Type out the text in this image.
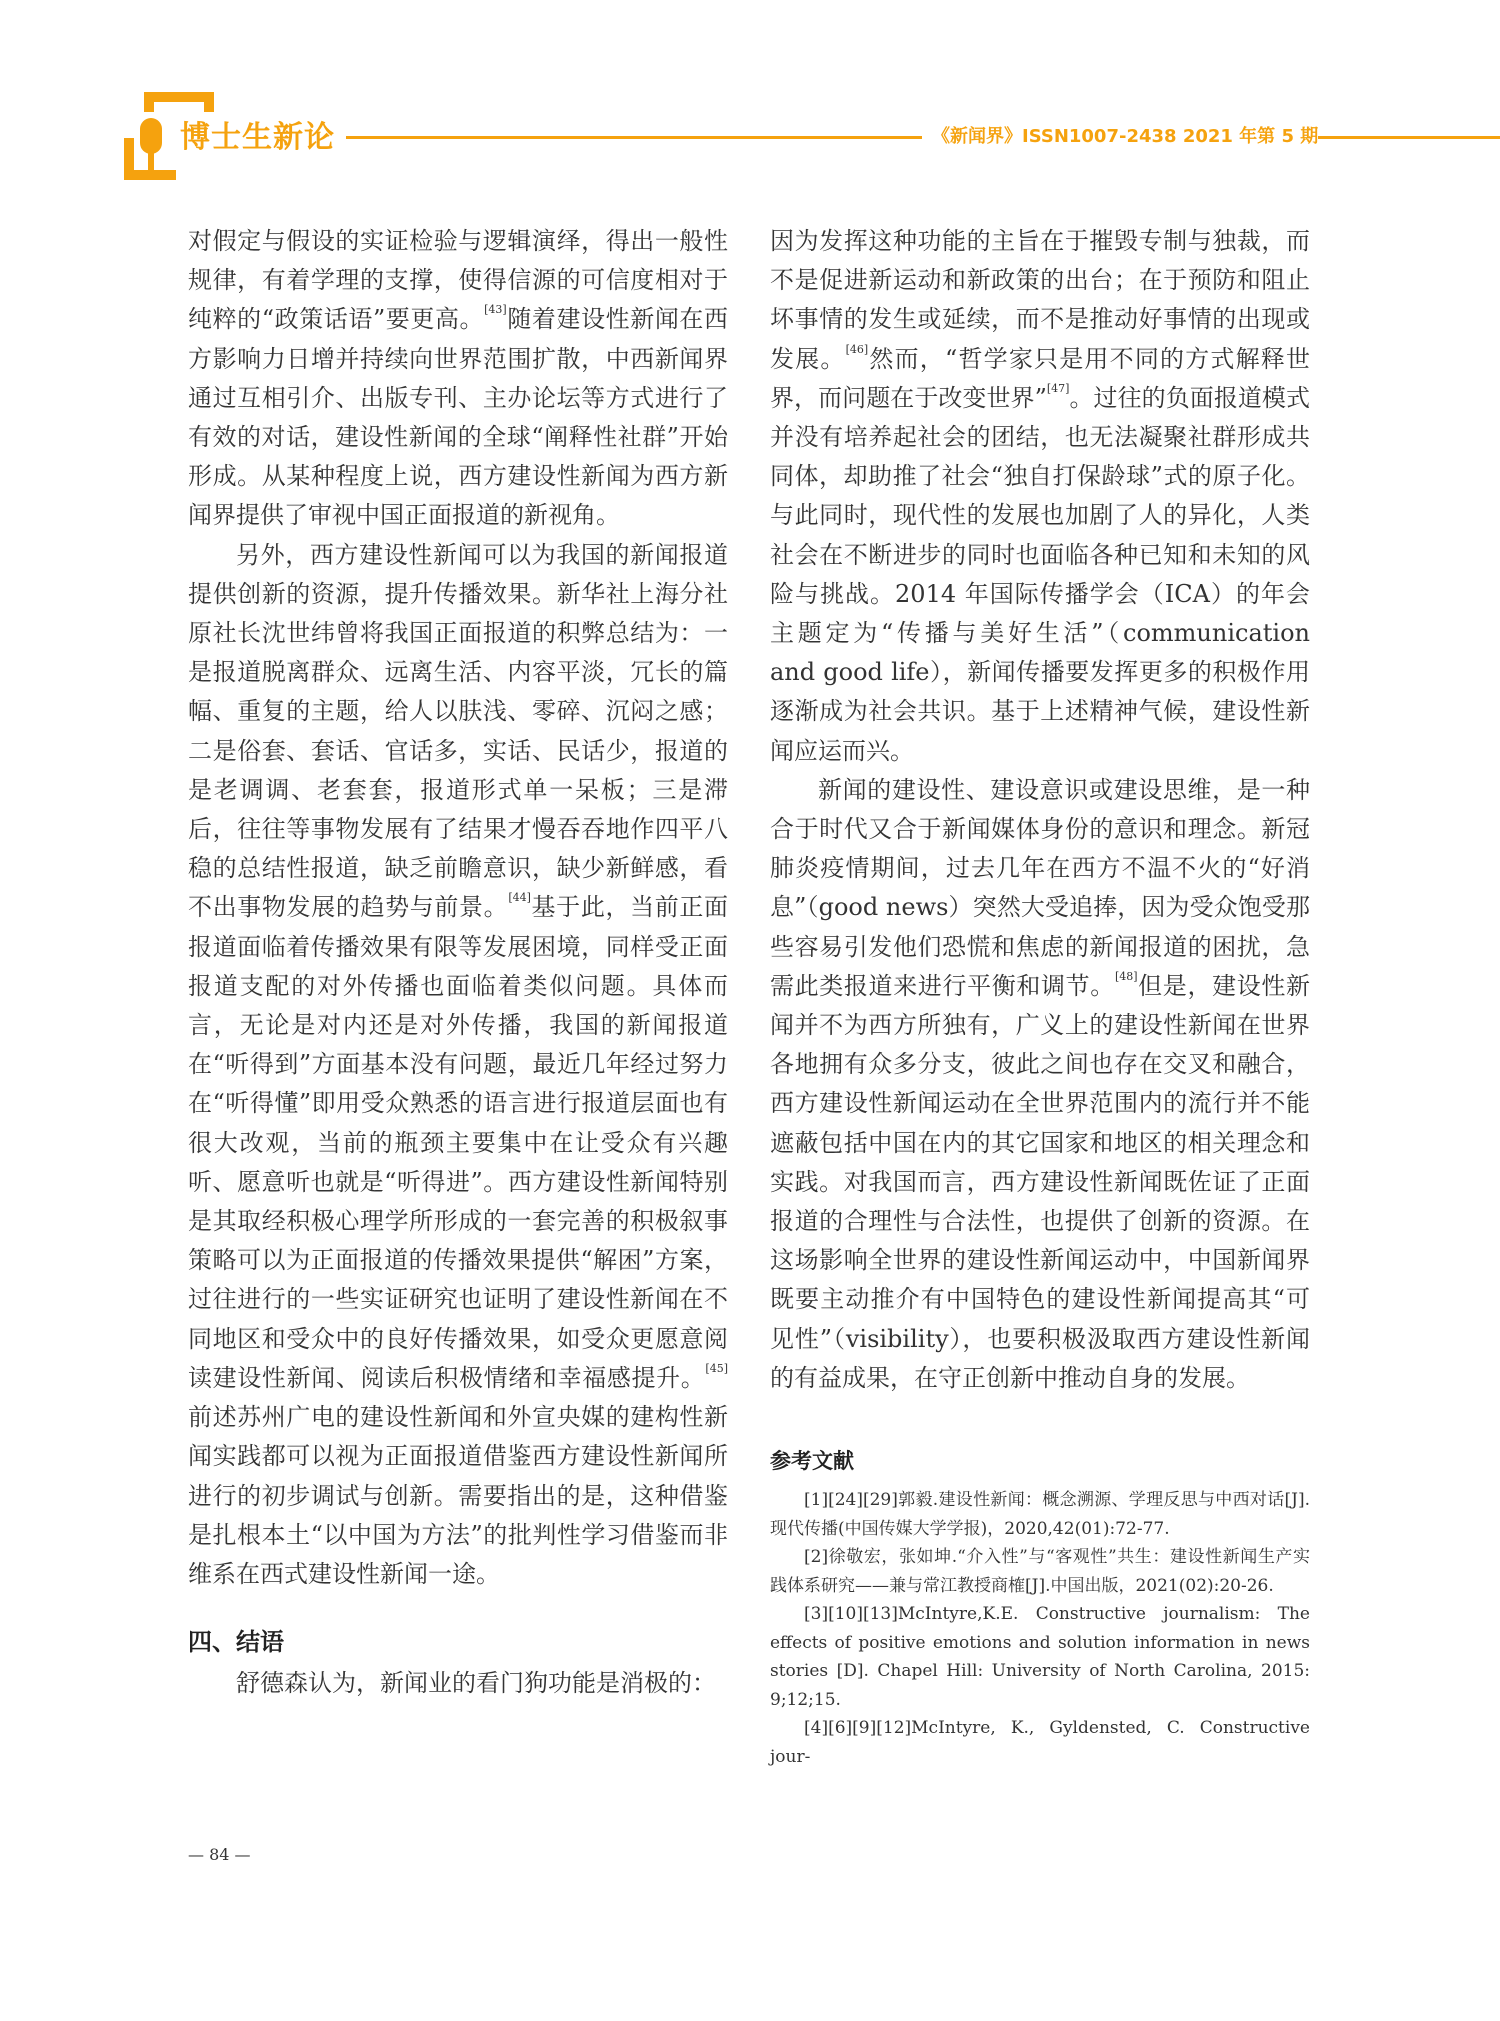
博士生新论	《新闻界》ISSN1007-2438 2021 年第 5 期

对假定与假设的实证检验与逻辑演绎，得出一般性规律，有着学理的支撑，使得信源的可信度相对于纯粹的“政策话语”要更高。[43]随着建设性新闻在西方影响力日增并持续向世界范围扩散，中西新闻界通过互相引介、出版专刊、主办论坛等方式进行了有效的对话，建设性新闻的全球“阐释性社群”开始形成。从某种程度上说，西方建设性新闻为西方新闻界提供了审视中国正面报道的新视角。

另外，西方建设性新闻可以为我国的新闻报道提供创新的资源，提升传播效果。新华社上海分社原社长沈世纬曾将我国正面报道的积弊总结为：一是报道脱离群众、远离生活、内容平淡，冗长的篇幅、重复的主题，给人以肤浅、零碎、沉闷之感；二是俗套、套话、官话多，实话、民话少，报道的是老调调、老套套，报道形式单一呆板；三是滞后，往往等事物发展有了结果才慢吞吞地作四平八稳的总结性报道，缺乏前瞻意识，缺少新鲜感，看不出事物发展的趋势与前景。[44]基于此，当前正面报道面临着传播效果有限等发展困境，同样受正面报道支配的对外传播也面临着类似问题。具体而言，无论是对内还是对外传播，我国的新闻报道在“听得到”方面基本没有问题，最近几年经过努力在“听得懂”即用受众熟悉的语言进行报道层面也有很大改观，当前的瓶颈主要集中在让受众有兴趣听、愿意听也就是“听得进”。西方建设性新闻特别是其取经积极心理学所形成的一套完善的积极叙事策略可以为正面报道的传播效果提供“解困”方案，过往进行的一些实证研究也证明了建设性新闻在不同地区和受众中的良好传播效果，如受众更愿意阅读建设性新闻、阅读后积极情绪和幸福感提升。[45]前述苏州广电的建设性新闻和外宣央媒的建构性新闻实践都可以视为正面报道借鉴西方建设性新闻所进行的初步调试与创新。需要指出的是，这种借鉴是扎根本土“以中国为方法”的批判性学习借鉴而非维系在西式建设性新闻一途。

四、结语

舒德森认为，新闻业的看门狗功能是消极的：

因为发挥这种功能的主旨在于摧毁专制与独裁，而不是促进新运动和新政策的出台；在于预防和阻止坏事情的发生或延续，而不是推动好事情的出现或发展。[46]然而，“哲学家只是用不同的方式解释世界，而问题在于改变世界”[47]。过往的负面报道模式并没有培养起社会的团结，也无法凝聚社群形成共同体，却助推了社会“独自打保龄球”式的原子化。与此同时，现代性的发展也加剧了人的异化，人类社会在不断进步的同时也面临各种已知和未知的风险与挑战。2014 年国际传播学会（ICA）的年会主题定为“传播与美好生活”（communication and good life），新闻传播要发挥更多的积极作用逐渐成为社会共识。基于上述精神气候，建设性新闻应运而兴。

新闻的建设性、建设意识或建设思维，是一种合于时代又合于新闻媒体身份的意识和理念。新冠肺炎疫情期间，过去几年在西方不温不火的“好消息”（good news）突然大受追捧，因为受众饱受那些容易引发他们恐慌和焦虑的新闻报道的困扰，急需此类报道来进行平衡和调节。[48]但是，建设性新闻并不为西方所独有，广义上的建设性新闻在世界各地拥有众多分支，彼此之间也存在交叉和融合，西方建设性新闻运动在全世界范围内的流行并不能遮蔽包括中国在内的其它国家和地区的相关理念和实践。对我国而言，西方建设性新闻既佐证了正面报道的合理性与合法性，也提供了创新的资源。在这场影响全世界的建设性新闻运动中，中国新闻界既要主动推介有中国特色的建设性新闻提高其“可见性”（visibility），也要积极汲取西方建设性新闻的有益成果，在守正创新中推动自身的发展。

参考文献

[1][24][29]郭毅.建设性新闻：概念溯源、学理反思与中西对话[J].现代传播(中国传媒大学学报)，2020,42(01):72-77.

[2]徐敬宏，张如坤.“介入性”与“客观性”共生：建设性新闻生产实践体系研究——兼与常江教授商榷[J].中国出版，2021(02):20-26.

[3][10][13]McIntyre,K.E. Constructive journalism: The effects of positive emotions and solution information in news stories [D]. Chapel Hill: University of North Carolina, 2015: 9;12;15.

[4][6][9][12]McIntyre, K., Gyldensted, C. Constructive jour-

— 84 —
